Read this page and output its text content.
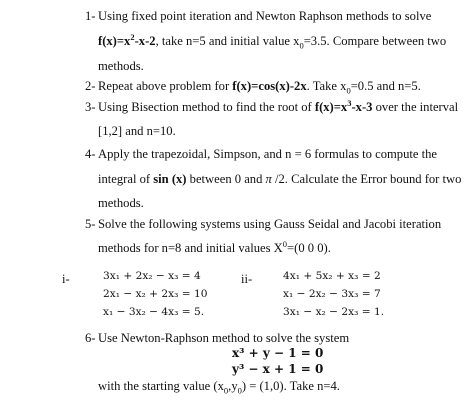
1- Using fixed point iteration and Newton Raphson methods to solve
$f(x)=x^2-x-2$, take n=5 and initial value $x_0=3.5$. Compare between two
methods.
2- Repeat above problem for f(x)=cos(x)-2x. Take $x_0=0.5$ and n=5.
3- Using Bisection method to find the root of $f(x)=x^3-x-3$ over the interval
[1,2] and n=10.
4- Apply the trapezoidal, Simpson, and n = 6 formulas to compute the
integral of sin (x) between 0 and π /2. Calculate the Error bound for two
methods.
5- Solve the following systems using Gauss Seidal and Jacobi iteration
methods for n=8 and initial values $X^0=(0$ 0 0).
i-	3x₁ + 2x₂ − x₃ = 4
2x₁ − x₂ + 2x₃ = 10
x₁ − 3x₂ − 4x₃ = 5.
ii-	4x₁ + 5x₂ + x₃ = 2
x₁ − 2x₂ − 3x₃ = 7
3x₁ − x₂ − 2x₃ = 1.
6- Use Newton-Raphson method to solve the system
x³ + y − 1 = 0
y³ − x + 1 = 0
with the starting value $(x_0,y_0) = (1,0)$. Take n=4.
